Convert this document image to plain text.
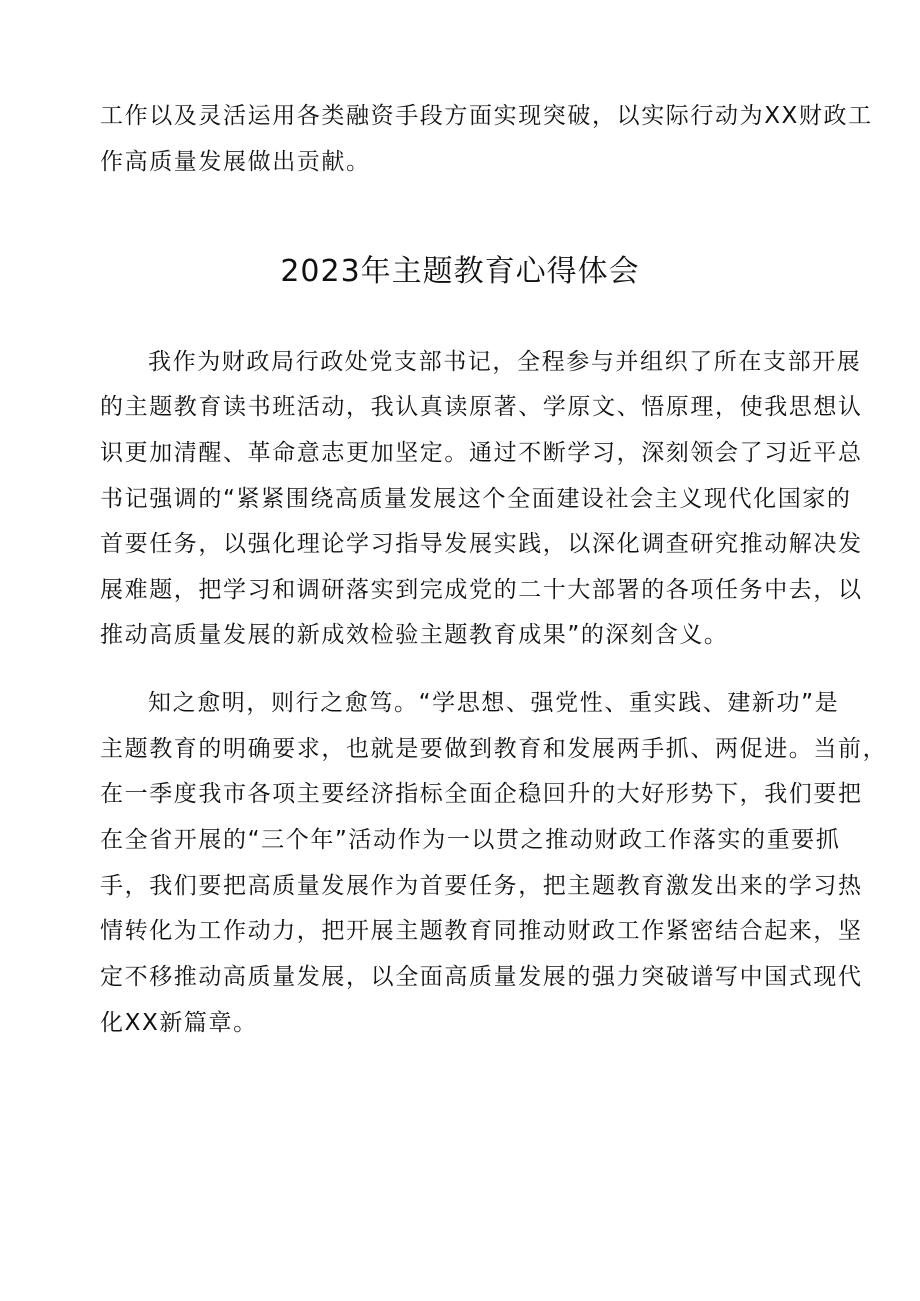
工作以及灵活运用各类融资手段方面实现突破，以实际行动为XX财政工
作高质量发展做出贡献。
2023年主题教育心得体会
我作为财政局行政处党支部书记，全程参与并组织了所在支部开展
的主题教育读书班活动，我认真读原著、学原文、悟原理，使我思想认
识更加清醒、革命意志更加坚定。通过不断学习，深刻领会了习近平总
书记强调的“紧紧围绕高质量发展这个全面建设社会主义现代化国家的
首要任务，以强化理论学习指导发展实践，以深化调查研究推动解决发
展难题，把学习和调研落实到完成党的二十大部署的各项任务中去，以
推动高质量发展的新成效检验主题教育成果”的深刻含义。
知之愈明，则行之愈笃。“学思想、强党性、重实践、建新功”是
主题教育的明确要求，也就是要做到教育和发展两手抓、两促进。当前，
在一季度我市各项主要经济指标全面企稳回升的大好形势下，我们要把
在全省开展的“三个年”活动作为一以贯之推动财政工作落实的重要抓
手，我们要把高质量发展作为首要任务，把主题教育激发出来的学习热
情转化为工作动力，把开展主题教育同推动财政工作紧密结合起来，坚
定不移推动高质量发展，以全面高质量发展的强力突破谱写中国式现代
化XX新篇章。
